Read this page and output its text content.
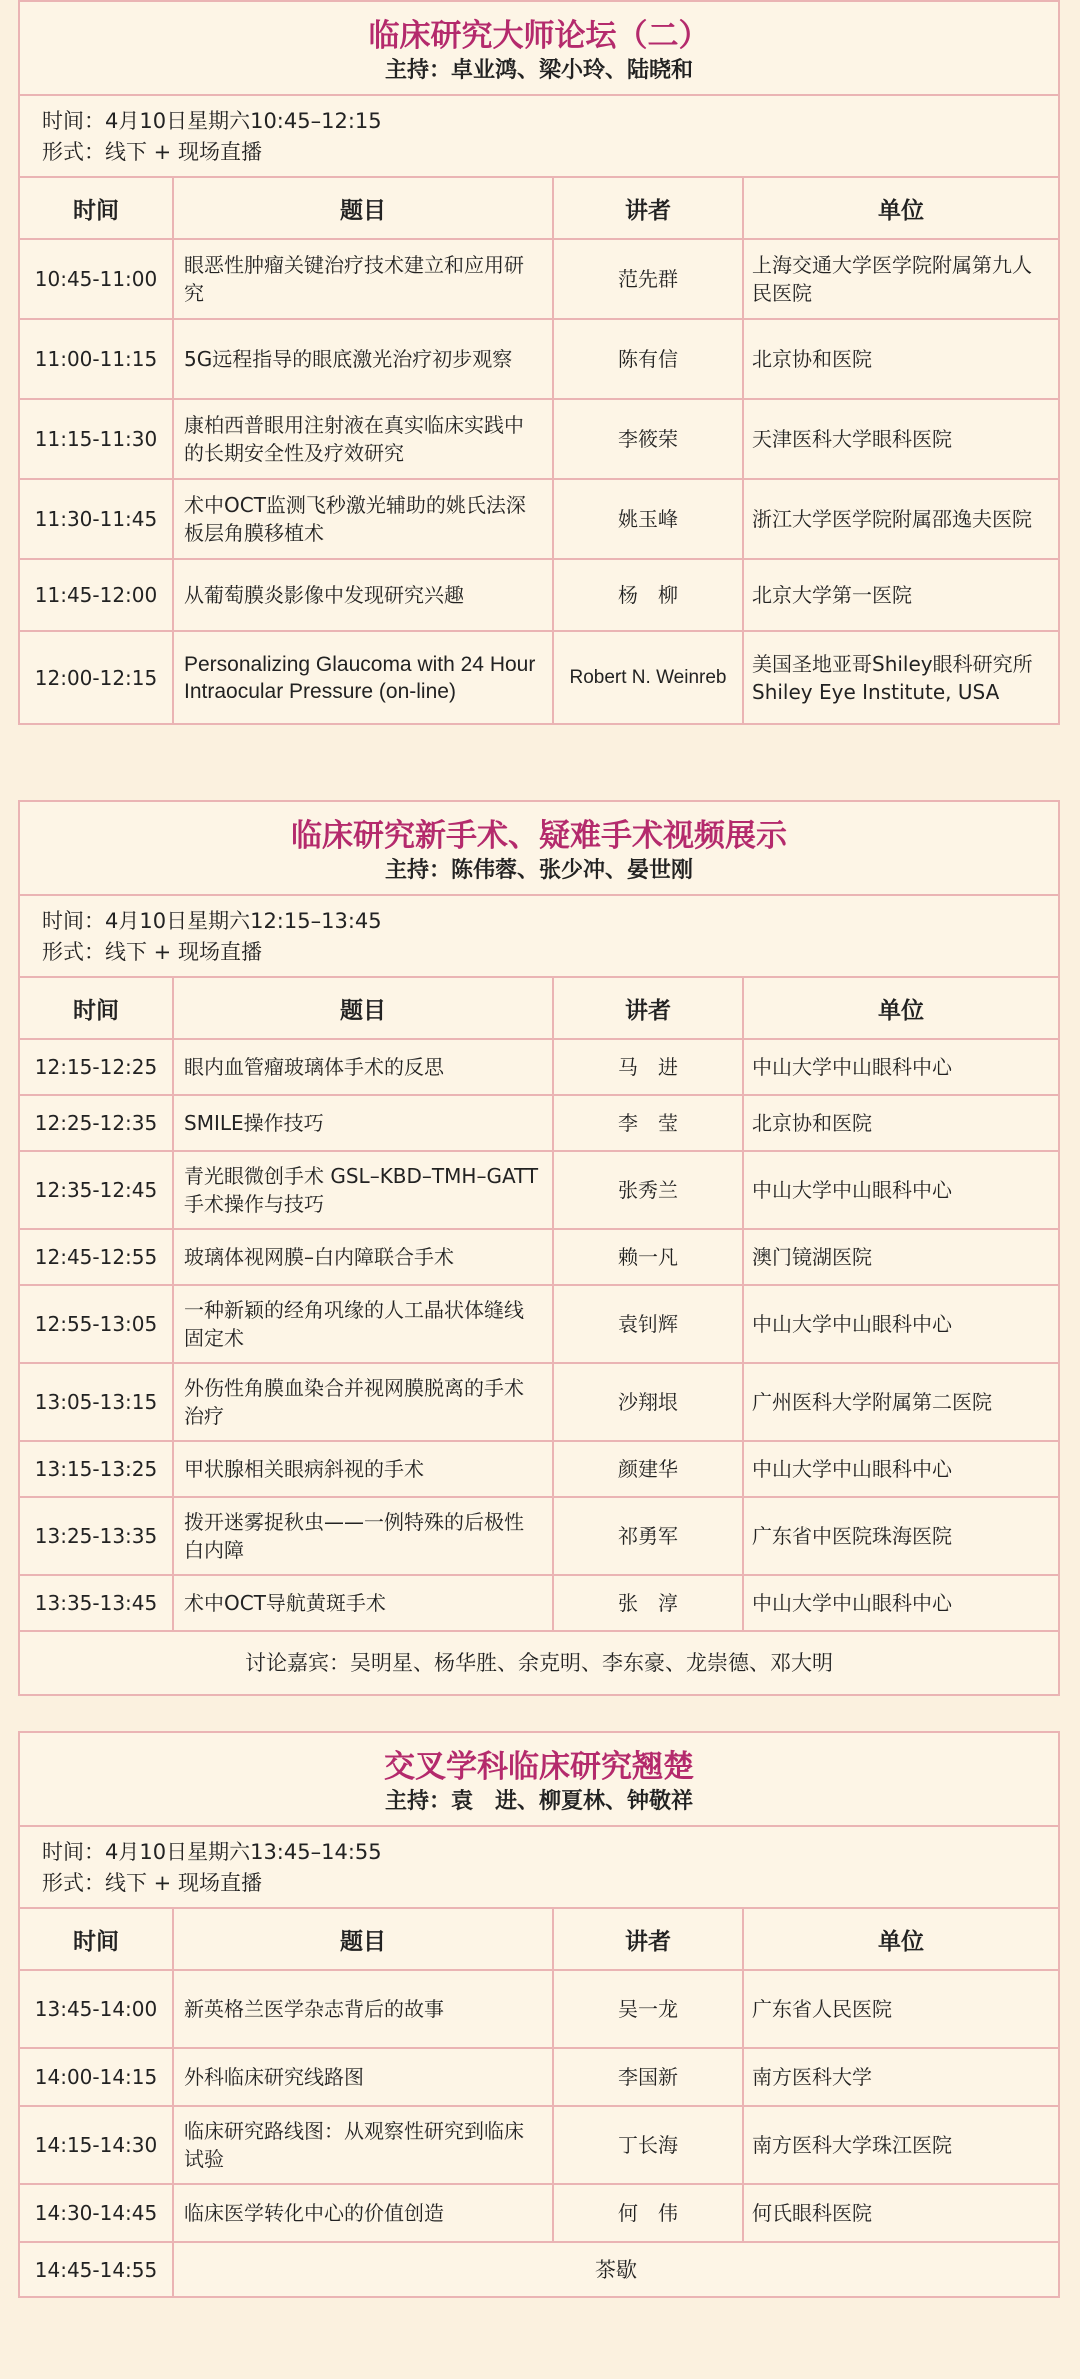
临床研究大师论坛（二）
主持：卓业鸿、梁小玲、陆晓和
时间：4月10日星期六10:45–12:15
形式：线下 + 现场直播
时间	题目	讲者	单位
10:45-11:00	眼恶性肿瘤关键治疗技术建立和应用研究	范先群	上海交通大学医学院附属第九人民医院
11:00-11:15	5G远程指导的眼底激光治疗初步观察	陈有信	北京协和医院
11:15-11:30	康柏西普眼用注射液在真实临床实践中的长期安全性及疗效研究	李筱荣	天津医科大学眼科医院
11:30-11:45	术中OCT监测飞秒激光辅助的姚氏法深板层角膜移植术	姚玉峰	浙江大学医学院附属邵逸夫医院
11:45-12:00	从葡萄膜炎影像中发现研究兴趣	杨　柳	北京大学第一医院
12:00-12:15	Personalizing Glaucoma with 24 Hour Intraocular Pressure (on-line)	Robert N. Weinreb	美国圣地亚哥Shiley眼科研究所 Shiley Eye Institute, USA
临床研究新手术、疑难手术视频展示
主持：陈伟蓉、张少冲、晏世刚
时间：4月10日星期六12:15–13:45
形式：线下 + 现场直播
时间	题目	讲者	单位
12:15-12:25	眼内血管瘤玻璃体手术的反思	马　进	中山大学中山眼科中心
12:25-12:35	SMILE操作技巧	李　莹	北京协和医院
12:35-12:45	青光眼微创手术 GSL–KBD–TMH–GATT手术操作与技巧	张秀兰	中山大学中山眼科中心
12:45-12:55	玻璃体视网膜–白内障联合手术	赖一凡	澳门镜湖医院
12:55-13:05	一种新颖的经角巩缘的人工晶状体缝线固定术	袁钊辉	中山大学中山眼科中心
13:05-13:15	外伤性角膜血染合并视网膜脱离的手术治疗	沙翔垠	广州医科大学附属第二医院
13:15-13:25	甲状腺相关眼病斜视的手术	颜建华	中山大学中山眼科中心
13:25-13:35	拨开迷雾捉秋虫——一例特殊的后极性白内障	祁勇军	广东省中医院珠海医院
13:35-13:45	术中OCT导航黄斑手术	张　淳	中山大学中山眼科中心
讨论嘉宾：吴明星、杨华胜、余克明、李东豪、龙崇德、邓大明			
交叉学科临床研究翘楚
主持：袁　进、柳夏林、钟敬祥
时间：4月10日星期六13:45–14:55
形式：线下 + 现场直播
时间	题目	讲者	单位
13:45-14:00	新英格兰医学杂志背后的故事	吴一龙	广东省人民医院
14:00-14:15	外科临床研究线路图	李国新	南方医科大学
14:15-14:30	临床研究路线图：从观察性研究到临床试验	丁长海	南方医科大学珠江医院
14:30-14:45	临床医学转化中心的价值创造	何　伟	何氏眼科医院
14:45-14:55	茶歇		
